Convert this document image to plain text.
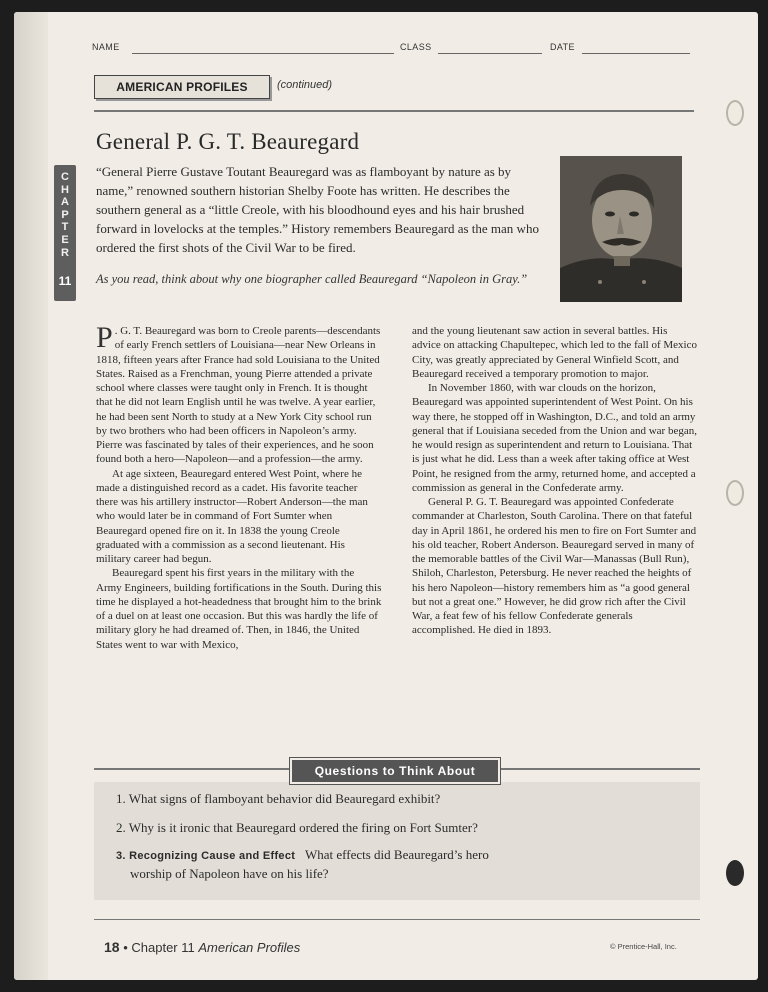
NAME	CLASS	DATE
AMERICAN PROFILES	(continued)
C
H
A
P
T
E
R
11
General P. G. T. Beauregard
“General Pierre Gustave Toutant Beauregard was as flamboyant by nature as by name,” renowned southern historian Shelby Foote has written. He describes the southern general as a “little Creole, with his bloodhound eyes and his hair brushed forward in lovelocks at the temples.” History remembers Beauregard as the man who ordered the first shots of the Civil War to be fired.
As you read, think about why one biographer called Beauregard “Napoleon in Gray.”

P . G. T. Beauregard was born to Creole parents—descendants of early French settlers of Louisiana—near New Orleans in 1818, fifteen years after France had sold Louisiana to the United States. Raised as a Frenchman, young Pierre attended a private school where classes were taught only in French. It is thought that he did not learn English until he was twelve. A year earlier, he had been sent North to study at a New York City school run by two brothers who had been officers in Napoleon’s army. Pierre was fascinated by tales of their experiences, and he soon found both a hero—Napoleon—and a profession—the army.

At age sixteen, Beauregard entered West Point, where he made a distinguished record as a cadet. His favorite teacher there was his artillery instructor—Robert Anderson—the man who would later be in command of Fort Sumter when Beauregard opened fire on it. In 1838 the young Creole graduated with a commission as a second lieutenant. His military career had begun.

Beauregard spent his first years in the military with the Army Engineers, building fortifications in the South. During this time he displayed a hot-headedness that brought him to the brink of a duel on at least one occasion. But this was hardly the life of military glory he had dreamed of. Then, in 1846, the United States went to war with Mexico,

and the young lieutenant saw action in several battles. His advice on attacking Chapultepec, which led to the fall of Mexico City, was greatly appreciated by General Winfield Scott, and Beauregard received a temporary promotion to major.

In November 1860, with war clouds on the horizon, Beauregard was appointed superintendent of West Point. On his way there, he stopped off in Washington, D.C., and told an army general that if Louisiana seceded from the Union and war began, he would resign as superintendent and return to Louisiana. That is just what he did. Less than a week after taking office at West Point, he resigned from the army, returned home, and accepted a commission as general in the Confederate army.

General P. G. T. Beauregard was appointed Confederate commander at Charleston, South Carolina. There on that fateful day in April 1861, he ordered his men to fire on Fort Sumter and his old teacher, Robert Anderson. Beauregard served in many of the memorable battles of the Civil War—Manassas (Bull Run), Shiloh, Charleston, Petersburg. He never reached the heights of his hero Napoleon—history remembers him as “a good general but not a great one.” However, he did grow rich after the Civil War, a feat few of his fellow Confederate generals accomplished. He died in 1893.

Questions to Think About
1. What signs of flamboyant behavior did Beauregard exhibit?
2. Why is it ironic that Beauregard ordered the firing on Fort Sumter?
3. Recognizing Cause and Effect What effects did Beauregard’s hero
worship of Napoleon have on his life?
18 • Chapter 11 American Profiles	© Prentice-Hall, Inc.
